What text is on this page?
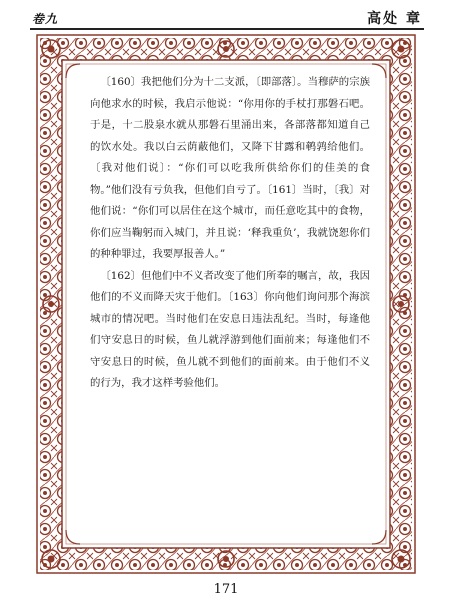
卷九	高处 章

〔160〕我把他们分为十二支派，〔即部落〕。当穆萨的宗族向他求水的时候，我启示他说：“你用你的手杖打那磐石吧。于是，十二股泉水就从那磐石里涌出来，各部落都知道自己的饮水处。我以白云荫蔽他们，又降下甘露和鹌鹑给他们。〔我对他们说〕：“你们可以吃我所供给你们的佳美的食物。”他们没有亏负我，但他们自亏了。〔161〕当时，〔我〕对他们说：“你们可以居住在这个城市，而任意吃其中的食物，你们应当鞠躬而入城门，并且说：‘释我重负’，我就饶恕你们的种种罪过，我要厚报善人。”

〔162〕但他们中不义者改变了他们所奉的嘱言，故，我因他们的不义而降天灾于他们。〔163〕你向他们询问那个海滨城市的情况吧。当时他们在安息日违法乱纪。当时，每逢他们守安息日的时候，鱼儿就浮游到他们面前来；每逢他们不守安息日的时候，鱼儿就不到他们的面前来。由于他们不义的行为，我才这样考验他们。

171
